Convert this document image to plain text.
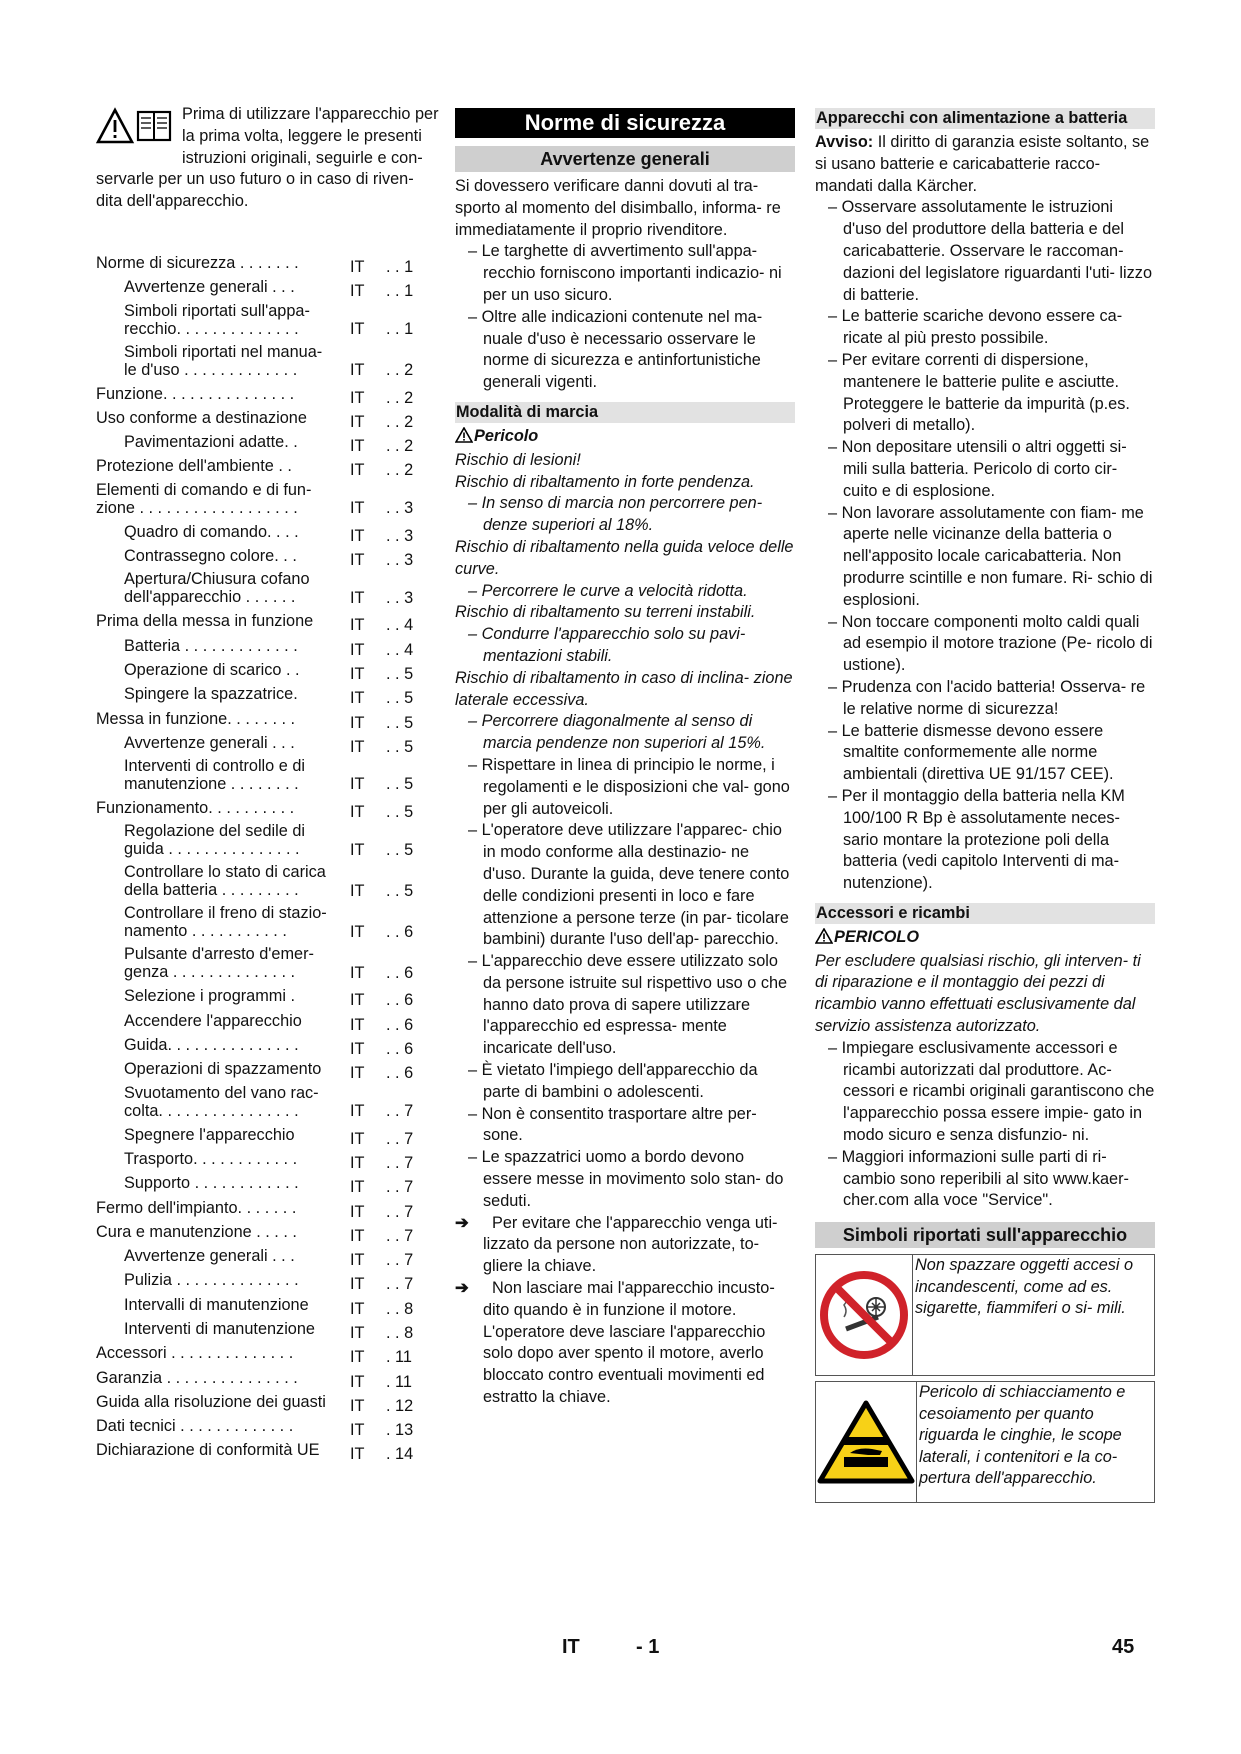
Prima di utilizzare l'apparecchio per la prima volta, leggere le presenti istruzioni originali, seguirle e con- servarle per un uso futuro o in caso di riven- dita dell'apparecchio.

Norme di sicurezza . . . . . . .	IT . . 1
Avvertenze generali . . .	IT . . 1
Simboli riportati sull'appa-
recchio. . . . . . . . . . . . . .	IT . . 1
Simboli riportati nel manua-
le d'uso . . . . . . . . . . . . .	IT . . 2
Funzione. . . . . . . . . . . . . . .	IT . . 2
Uso conforme a destinazione	IT . . 2
Pavimentazioni adatte. .	IT . . 2
Protezione dell'ambiente . .	IT . . 2
Elementi di comando e di fun-
zione . . . . . . . . . . . . . . . . . .	IT . . 3
Quadro di comando. . . .	IT . . 3
Contrassegno colore. . .	IT . . 3
Apertura/Chiusura cofano
dell'apparecchio . . . . . .	IT . . 3
Prima della messa in funzione IT . . 4
Batteria . . . . . . . . . . . . .	IT . . 4
Operazione di scarico . .	IT . . 5
Spingere la spazzatrice.	IT . . 5
Messa in funzione. . . . . . . .	IT . . 5
Avvertenze generali . . .	IT . . 5
Interventi di controllo e di
manutenzione . . . . . . . .	IT . . 5
Funzionamento. . . . . . . . . .	IT . . 5
Regolazione del sedile di
guida . . . . . . . . . . . . . . .	IT . . 5
Controllare lo stato di carica
della batteria . . . . . . . . .	IT . . 5
Controllare il freno di stazio-
namento . . . . . . . . . . .	IT . . 6
Pulsante d'arresto d'emer-
genza . . . . . . . . . . . . . .	IT . . 6
Selezione i programmi .	IT . . 6
Accendere l'apparecchio	IT . . 6
Guida. . . . . . . . . . . . . . .	IT . . 6
Operazioni di spazzamento IT . . 6
Svuotamento del vano rac-
colta. . . . . . . . . . . . . . . .	IT . . 7
Spegnere l'apparecchio	IT . . 7
Trasporto. . . . . . . . . . . .	IT . . 7
Supporto . . . . . . . . . . . .	IT . . 7
Fermo dell'impianto. . . . . . .	IT . . 7
Cura e manutenzione . . . . .	IT . . 7
Avvertenze generali . . .	IT . . 7
Pulizia . . . . . . . . . . . . . .	IT . . 7
Intervalli di manutenzione	IT . . 8
Interventi di manutenzione IT . . 8
Accessori . . . . . . . . . . . . . .	IT . 11
Garanzia . . . . . . . . . . . . . . .	IT . 11
Guida alla risoluzione dei guasti IT . 12
Dati tecnici . . . . . . . . . . . . .	IT . 13
Dichiarazione di conformità UE IT . 14
Norme di sicurezza
Avvertenze generali

Si dovessero verificare danni dovuti al tra- sporto al momento del disimballo, informa- re immediatamente il proprio rivenditore.

– Le targhette di avvertimento sull'appa- recchio forniscono importanti indicazio- ni per un uso sicuro.

– Oltre alle indicazioni contenute nel ma- nuale d'uso è necessario osservare le norme di sicurezza e antinfortunistiche generali vigenti.

Modalità di marcia

Pericolo

Rischio di lesioni!

Rischio di ribaltamento in forte pendenza.

– In senso di marcia non percorrere pen- denze superiori al 18%.

Rischio di ribaltamento nella guida veloce delle curve.

– Percorrere le curve a velocità ridotta.

Rischio di ribaltamento su terreni instabili.

– Condurre l'apparecchio solo su pavi- mentazioni stabili.

Rischio di ribaltamento in caso di inclina- zione laterale eccessiva.

– Percorrere diagonalmente al senso di marcia pendenze non superiori al 15%.

– Rispettare in linea di principio le norme, i regolamenti e le disposizioni che val- gono per gli autoveicoli.

– L'operatore deve utilizzare l'apparec- chio in modo conforme alla destinazio- ne d'uso. Durante la guida, deve tenere conto delle condizioni presenti in loco e fare attenzione a persone terze (in par- ticolare bambini) durante l'uso dell'ap- parecchio.

– L'apparecchio deve essere utilizzato solo da persone istruite sul rispettivo uso o che hanno dato prova di sapere utilizzare l'apparecchio ed espressa- mente incaricate dell'uso.

– È vietato l'impiego dell'apparecchio da parte di bambini o adolescenti.

– Non è consentito trasportare altre per- sone.

– Le spazzatrici uomo a bordo devono essere messe in movimento solo stan- do seduti.

➔ Per evitare che l'apparecchio venga uti- lizzato da persone non autorizzate, to- gliere la chiave.

➔ Non lasciare mai l'apparecchio incusto- dito quando è in funzione il motore. L'operatore deve lasciare l'apparecchio solo dopo aver spento il motore, averlo bloccato contro eventuali movimenti ed estratto la chiave.

Apparecchi con alimentazione a batteria

Avviso: Il diritto di garanzia esiste soltanto, se si usano batterie e caricabatterie racco- mandati dalla Kärcher.

– Osservare assolutamente le istruzioni d'uso del produttore della batteria e del caricabatterie. Osservare le raccoman- dazioni del legislatore riguardanti l'uti- lizzo di batterie.

– Le batterie scariche devono essere ca- ricate al più presto possibile.

– Per evitare correnti di dispersione, mantenere le batterie pulite e asciutte. Proteggere le batterie da impurità (p.es. polveri di metallo).

– Non depositare utensili o altri oggetti si- mili sulla batteria. Pericolo di corto cir- cuito e di esplosione.

– Non lavorare assolutamente con fiam- me aperte nelle vicinanze della batteria o nell'apposito locale caricabatteria. Non produrre scintille e non fumare. Ri- schio di esplosioni.

– Non toccare componenti molto caldi quali ad esempio il motore trazione (Pe- ricolo di ustione).

– Prudenza con l'acido batteria! Osserva- re le relative norme di sicurezza!

– Le batterie dismesse devono essere smaltite conformemente alle norme ambientali (direttiva UE 91/157 CEE).

– Per il montaggio della batteria nella KM 100/100 R Bp è assolutamente neces- sario montare la protezione poli della batteria (vedi capitolo Interventi di ma- nutenzione).

Accessori e ricambi

PERICOLO

Per escludere qualsiasi rischio, gli interven- ti di riparazione e il montaggio dei pezzi di ricambio vanno effettuati esclusivamente dal servizio assistenza autorizzato.

– Impiegare esclusivamente accessori e ricambi autorizzati dal produttore. Ac- cessori e ricambi originali garantiscono che l'apparecchio possa essere impie- gato in modo sicuro e senza disfunzio- ni.

– Maggiori informazioni sulle parti di ri- cambio sono reperibili al sito www.kaer- cher.com alla voce "Service".

Simboli riportati sull'apparecchio
Non spazzare oggetti accesi o incandescenti, come ad es. sigarette, fiammiferi o si- mili.
Pericolo di schiacciamento e cesoiamento per quanto riguarda le cinghie, le scope laterali, i contenitori e la co- pertura dell'apparecchio.
IT	- 1	45
